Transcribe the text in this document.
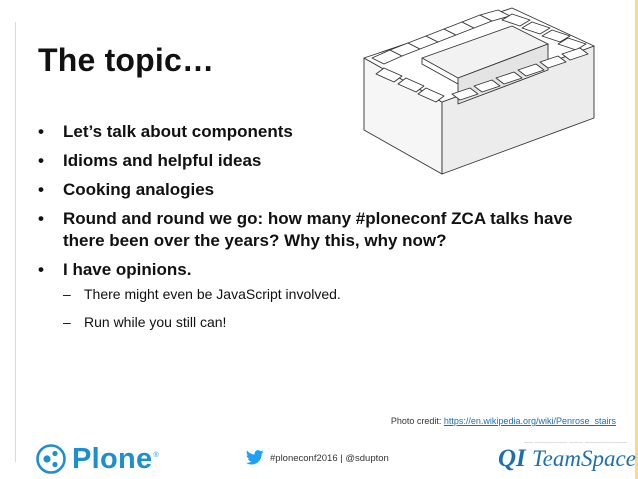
The topic…
• Let’s talk about components
• Idioms and helpful ideas
• Cooking analogies
• Round and round we go: how many #ploneconf ZCA talks have there been over the years? Why this, why now?
• I have opinions.
– There might even be JavaScript involved.
– Run while you still can!
Photo credit: https://en.wikipedia.org/wiki/Penrose_stairs
Plone ®	#ploneconf2016 | @sdupton
—— ——————— ——— —————————
QI TeamSpace
